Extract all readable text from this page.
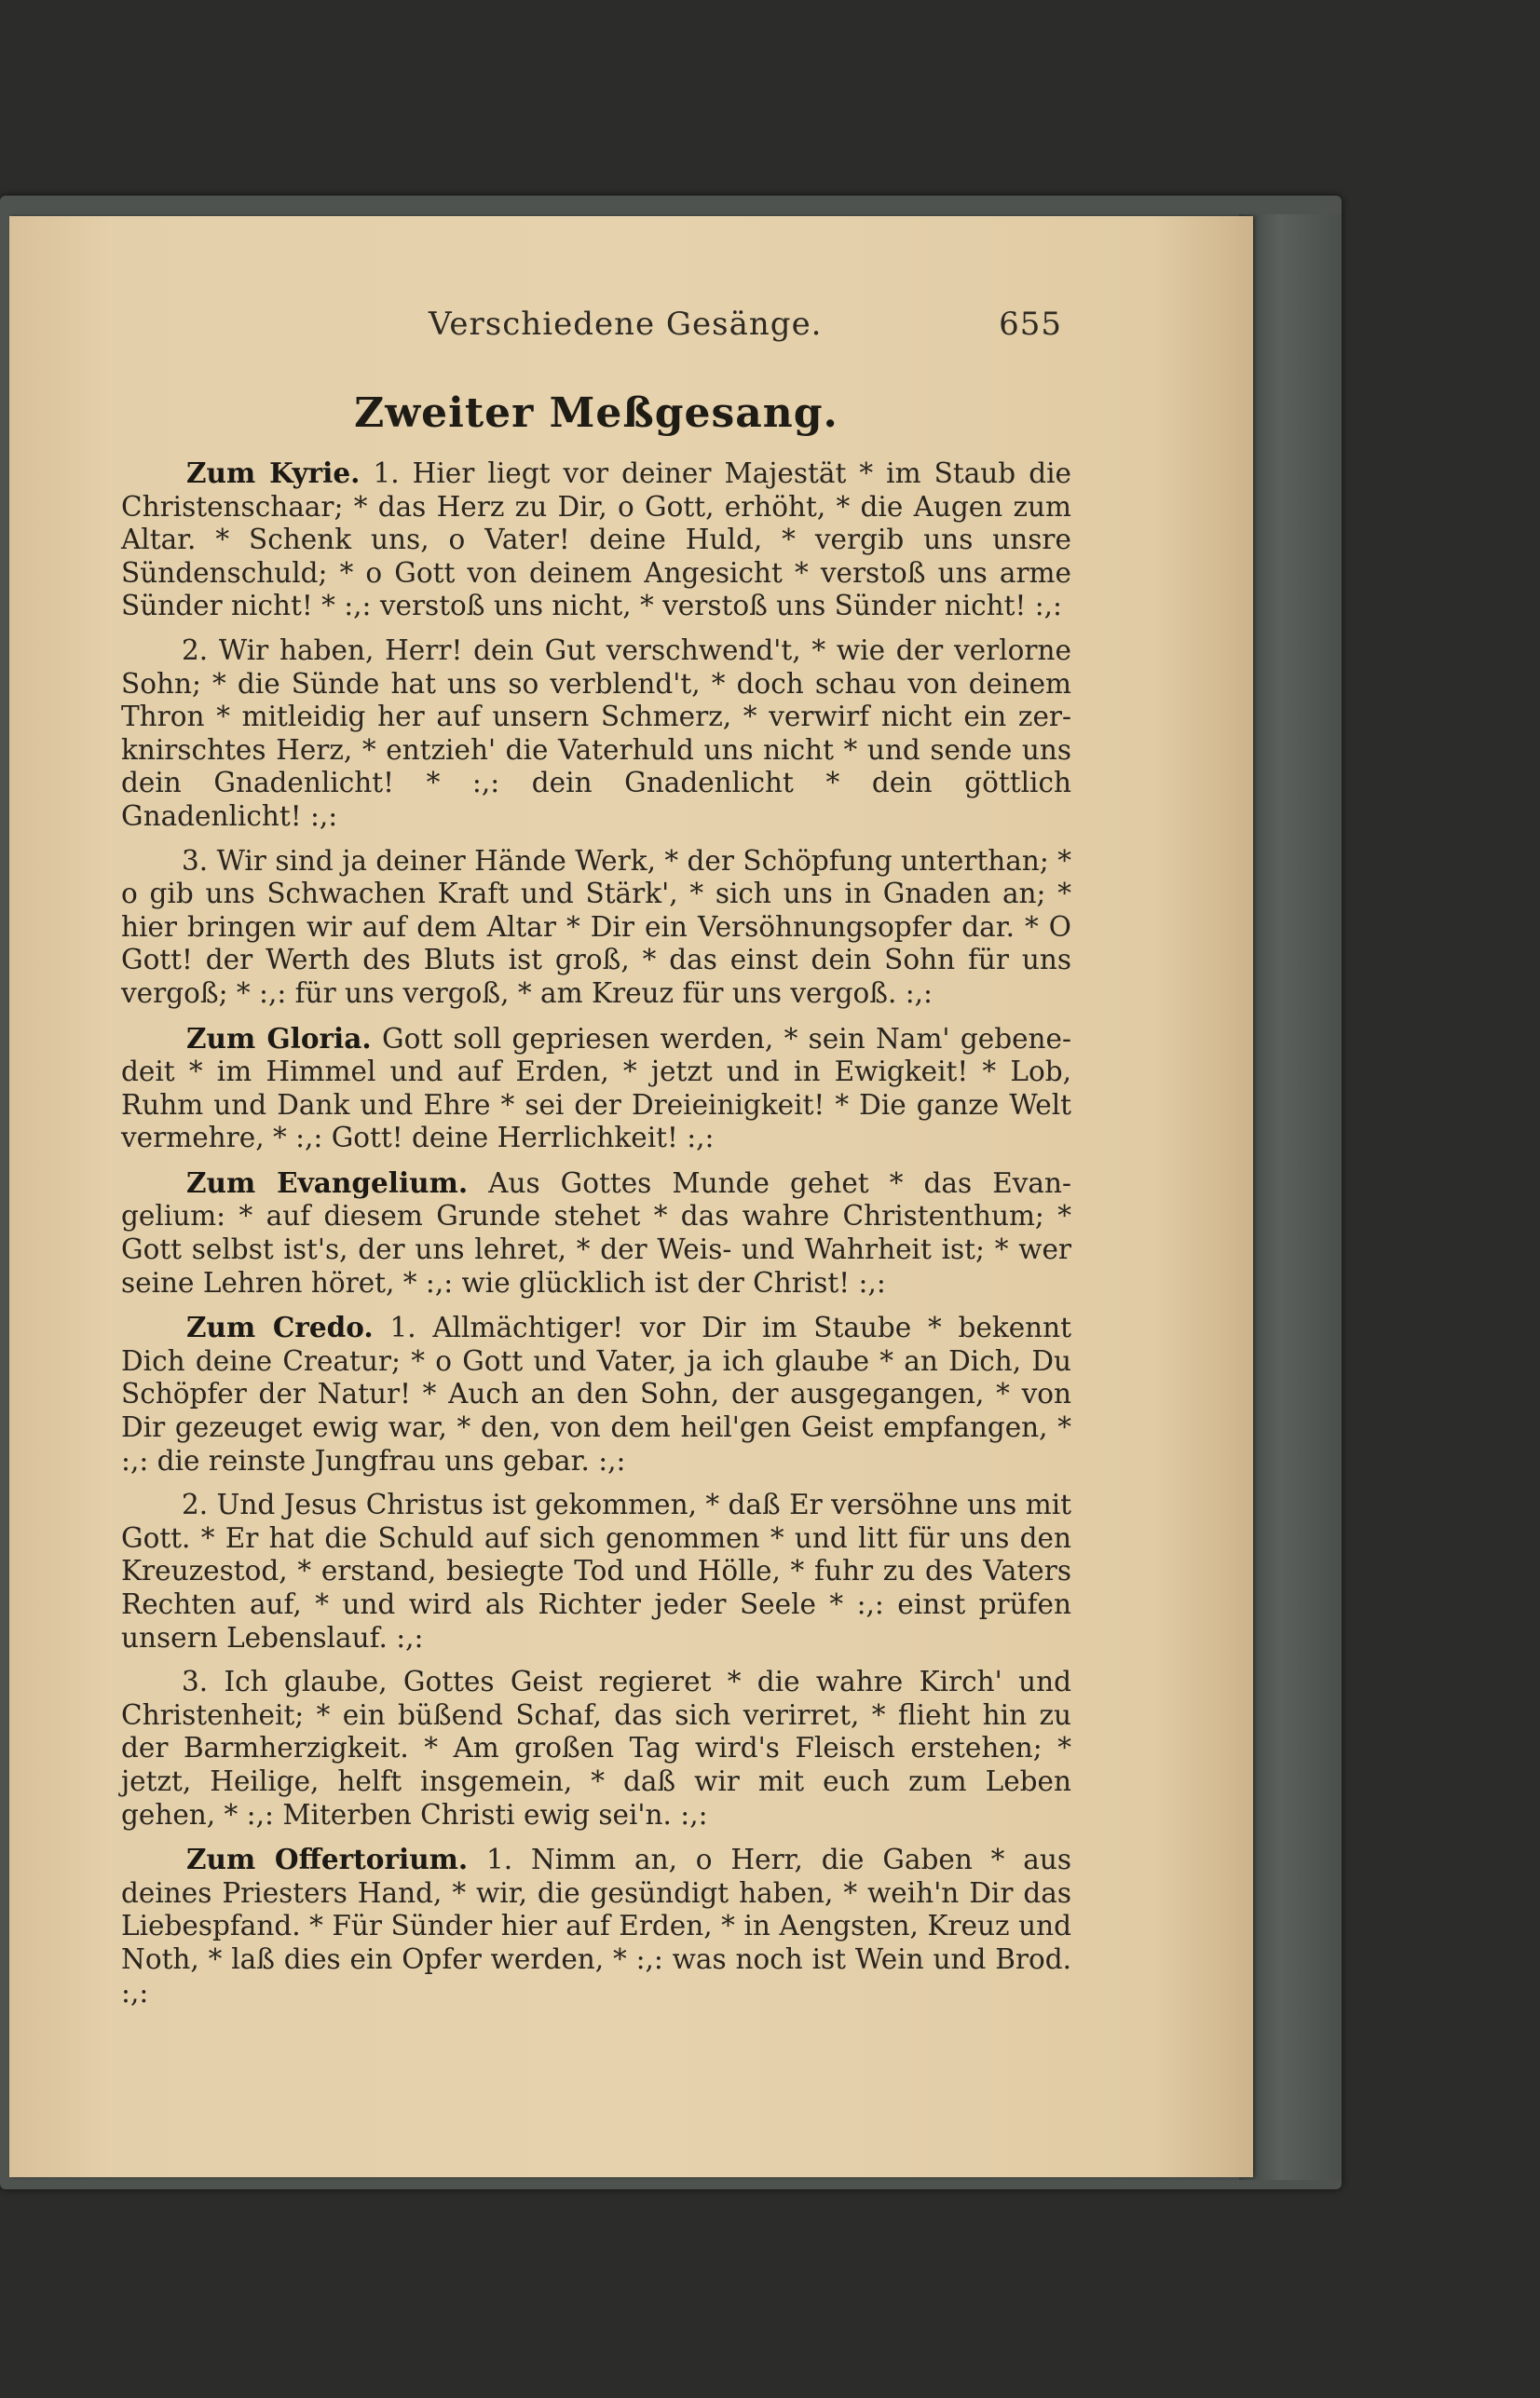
Verschiedene Gesänge.	655
Zweiter Meßgesang.

Zum Kyrie. 1. Hier liegt vor deiner Majestät * im Staub die Christenschaar; * das Herz zu Dir, o Gott, erhöht, * die Augen zum Altar. * Schenk uns, o Vater! deine Huld, * vergib uns unsre Sündenschuld; * o Gott von deinem Angesicht * verstoß uns arme Sünder nicht! * :,: verstoß uns nicht, * verstoß uns Sünder nicht! :,:

2. Wir haben, Herr! dein Gut verschwend't, * wie der verlorne Sohn; * die Sünde hat uns so verblend't, * doch schau von deinem Thron * mitleidig her auf unsern Schmerz, * verwirf nicht ein zerknirschtes Herz, * entzieh' die Vaterhuld uns nicht * und sende uns dein Gnadenlicht! * :,: dein Gnadenlicht * dein göttlich Gnadenlicht! :,:

3. Wir sind ja deiner Hände Werk, * der Schöpfung unterthan; * o gib uns Schwachen Kraft und Stärk', * sich uns in Gnaden an; * hier bringen wir auf dem Altar * Dir ein Versöhnungsopfer dar. * O Gott! der Werth des Bluts ist groß, * das einst dein Sohn für uns vergoß; * :,: für uns vergoß, * am Kreuz für uns vergoß. :,:

Zum Gloria. Gott soll gepriesen werden, * sein Nam' gebenedeit * im Himmel und auf Erden, * jetzt und in Ewigkeit! * Lob, Ruhm und Dank und Ehre * sei der Dreieinigkeit! * Die ganze Welt vermehre, * :,: Gott! deine Herrlichkeit! :,:

Zum Evangelium. Aus Gottes Munde gehet * das Evangelium: * auf diesem Grunde stehet * das wahre Christenthum; * Gott selbst ist's, der uns lehret, * der Weis- und Wahrheit ist; * wer seine Lehren höret, * :,: wie glücklich ist der Christ! :,:

Zum Credo. 1. Allmächtiger! vor Dir im Staube * bekennt Dich deine Creatur; * o Gott und Vater, ja ich glaube * an Dich, Du Schöpfer der Natur! * Auch an den Sohn, der ausgegangen, * von Dir gezeuget ewig war, * den, von dem heil'gen Geist empfangen, * :,: die reinste Jungfrau uns gebar. :,:

2. Und Jesus Christus ist gekommen, * daß Er versöhne uns mit Gott. * Er hat die Schuld auf sich genommen * und litt für uns den Kreuzestod, * erstand, besiegte Tod und Hölle, * fuhr zu des Vaters Rechten auf, * und wird als Richter jeder Seele * :,: einst prüfen unsern Lebenslauf. :,:

3. Ich glaube, Gottes Geist regieret * die wahre Kirch' und Christenheit; * ein büßend Schaf, das sich verirret, * flieht hin zu der Barmherzigkeit. * Am großen Tag wird's Fleisch erstehen; * jetzt, Heilige, helft insgemein, * daß wir mit euch zum Leben gehen, * :,: Miterben Christi ewig sei'n. :,:

Zum Offertorium. 1. Nimm an, o Herr, die Gaben * aus deines Priesters Hand, * wir, die gesündigt haben, * weih'n Dir das Liebespfand. * Für Sünder hier auf Erden, * in Aengsten, Kreuz und Noth, * laß dies ein Opfer werden, * :,: was noch ist Wein und Brod. :,:
